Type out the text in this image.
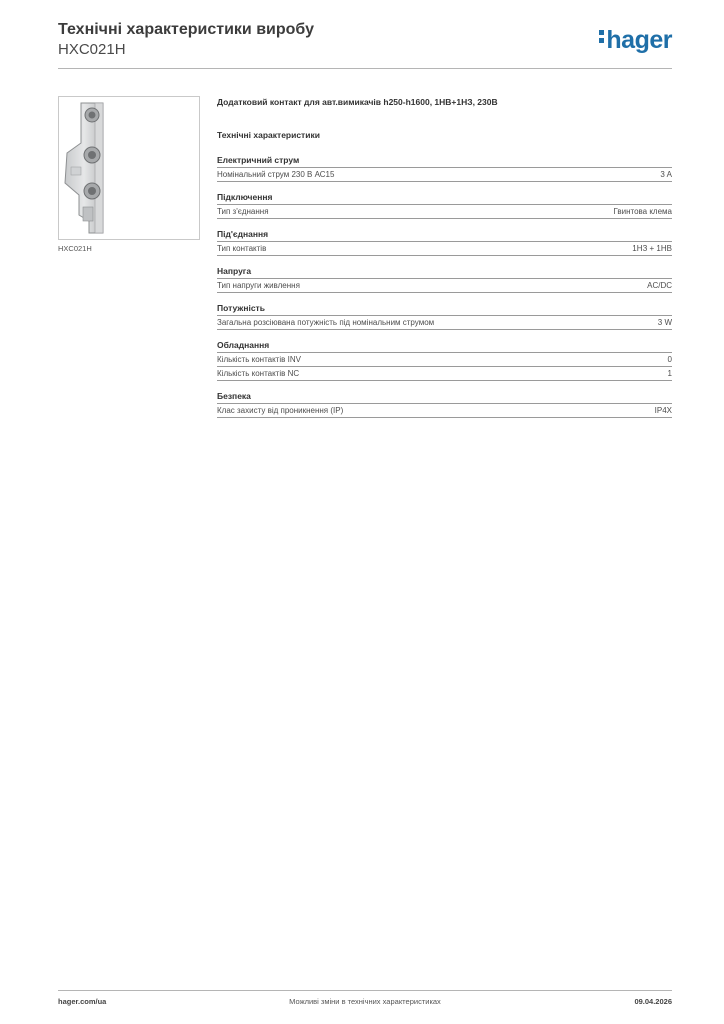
Технічні характеристики виробу
HXC021H	hager
HXC021H
Додатковий контакт для авт.вимикачів h250-h1600, 1НВ+1НЗ, 230В
Технічні характеристики
Електричний струм
Номінальний струм 230 В АС15	3 A
Підключення
Тип з'єднання	Гвинтова клема
Під'єднання
Тип контактів	1НЗ + 1НВ
Напруга
Тип напруги живлення	AC/DC
Потужність
Загальна розсіювана потужність під номінальним струмом	3 W
Обладнання
Кількість контактів INV	0
Кількість контактів NC	1
Безпека
Клас захисту від проникнення (IP)	IP4X
Можливі зміни в технічних характеристиках
hager.com/ua	09.04.2026
